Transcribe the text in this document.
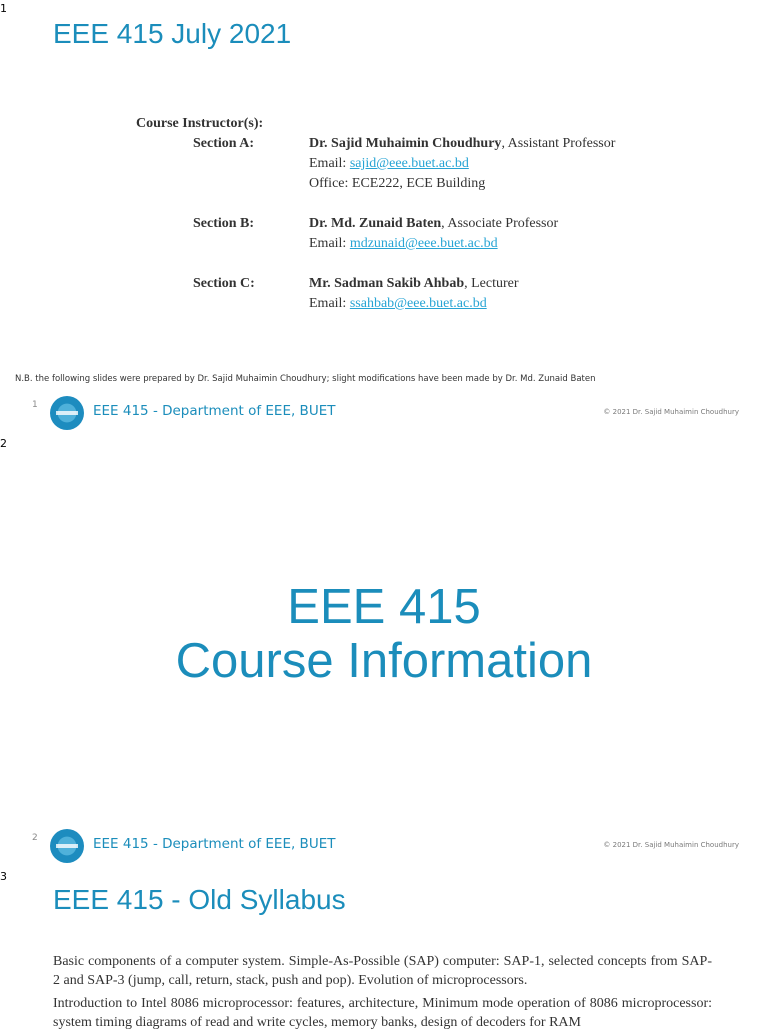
1
EEE 415 July 2021
Course Instructor(s):
Section A:	Dr. Sajid Muhaimin Choudhury, Assistant Professor
Email: sajid@eee.buet.ac.bd
Office: ECE222, ECE Building
Section B:	Dr. Md. Zunaid Baten, Associate Professor
Email: mdzunaid@eee.buet.ac.bd
Section C:	Mr. Sadman Sakib Ahbab, Lecturer
Email: ssahbab@eee.buet.ac.bd
N.B. the following slides were prepared by Dr. Sajid Muhaimin Choudhury; slight modifications have been made by Dr. Md. Zunaid Baten
1	EEE 415 - Department of EEE, BUET	© 2021 Dr. Sajid Muhaimin Choudhury
2
EEE 415
Course Information
2	EEE 415 - Department of EEE, BUET	© 2021 Dr. Sajid Muhaimin Choudhury
3
EEE 415 - Old Syllabus
Basic components of a computer system. Simple-As-Possible (SAP) computer: SAP-1, selected concepts from SAP-2 and SAP-3 (jump, call, return, stack, push and pop). Evolution of microprocessors.
Introduction to Intel 8086 microprocessor: features, architecture, Minimum mode operation of 8086 microprocessor: system timing diagrams of read and write cycles, memory banks, design of decoders for RAM
